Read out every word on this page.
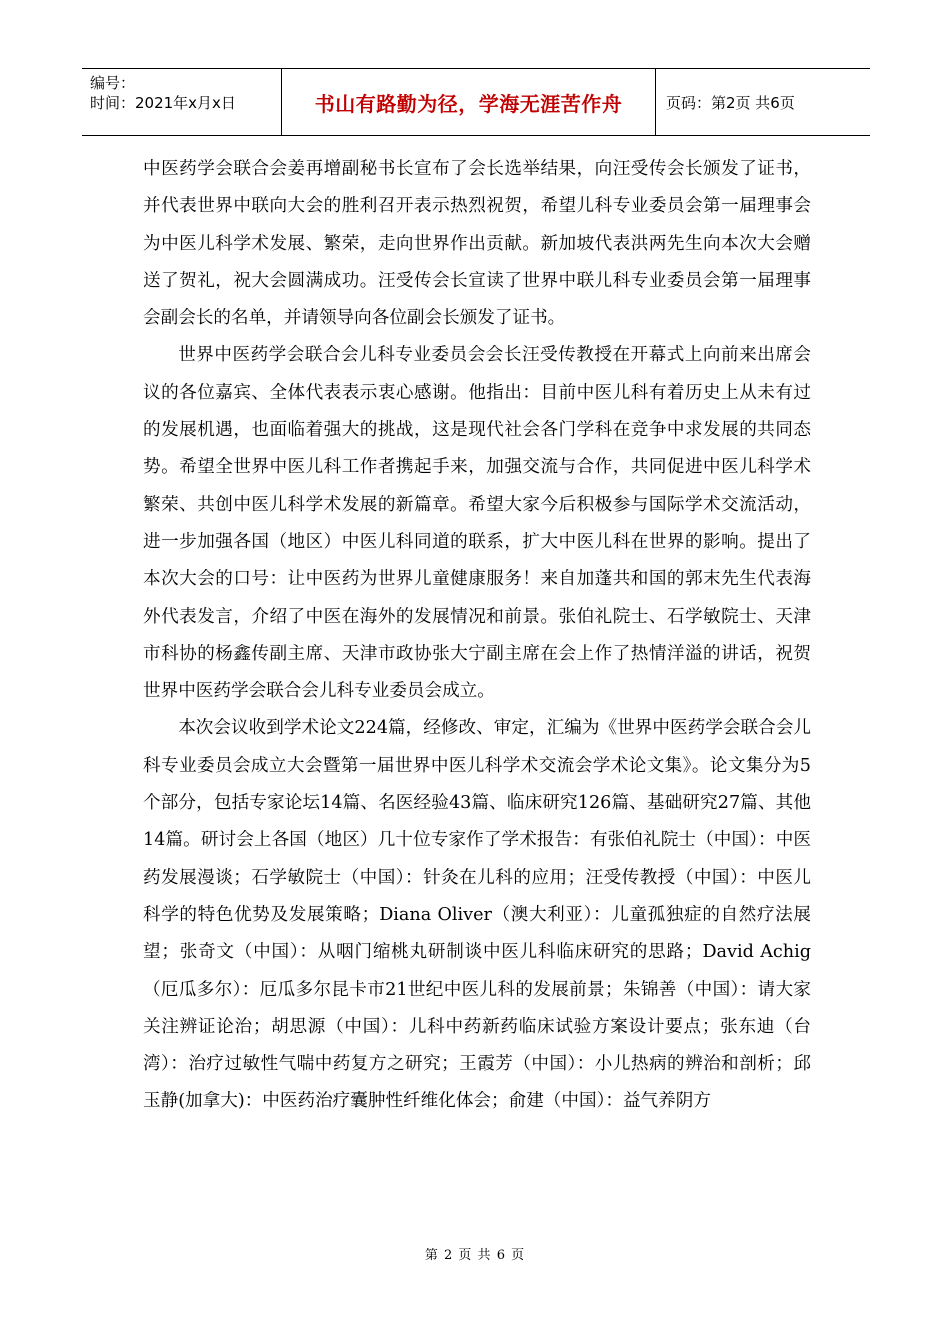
编号：
时间：2021年x月x日	书山有路勤为径，学海无涯苦作舟	页码：第2页 共6页

中医药学会联合会姜再增副秘书长宣布了会长选举结果，向汪受传会长颁发了证书，并代表世界中联向大会的胜利召开表示热烈祝贺，希望儿科专业委员会第一届理事会为中医儿科学术发展、繁荣，走向世界作出贡献。新加坡代表洪两先生向本次大会赠送了贺礼，祝大会圆满成功。汪受传会长宣读了世界中联儿科专业委员会第一届理事会副会长的名单，并请领导向各位副会长颁发了证书。

世界中医药学会联合会儿科专业委员会会长汪受传教授在开幕式上向前来出席会议的各位嘉宾、全体代表表示衷心感谢。他指出：目前中医儿科有着历史上从未有过的发展机遇，也面临着强大的挑战，这是现代社会各门学科在竞争中求发展的共同态势。希望全世界中医儿科工作者携起手来，加强交流与合作，共同促进中医儿科学术繁荣、共创中医儿科学术发展的新篇章。希望大家今后积极参与国际学术交流活动，进一步加强各国（地区）中医儿科同道的联系，扩大中医儿科在世界的影响。提出了本次大会的口号：让中医药为世界儿童健康服务！来自加蓬共和国的郭末先生代表海外代表发言，介绍了中医在海外的发展情况和前景。张伯礼院士、石学敏院士、天津市科协的杨鑫传副主席、天津市政协张大宁副主席在会上作了热情洋溢的讲话，祝贺世界中医药学会联合会儿科专业委员会成立。

本次会议收到学术论文224篇，经修改、审定，汇编为《世界中医药学会联合会儿科专业委员会成立大会暨第一届世界中医儿科学术交流会学术论文集》。论文集分为5个部分，包括专家论坛14篇、名医经验43篇、临床研究126篇、基础研究27篇、其他14篇。研讨会上各国（地区）几十位专家作了学术报告：有张伯礼院士（中国）：中医药发展漫谈；石学敏院士（中国）：针灸在儿科的应用；汪受传教授（中国）：中医儿科学的特色优势及发展策略；Diana Oliver（澳大利亚）：儿童孤独症的自然疗法展望；张奇文（中国）：从咽门缩桃丸研制谈中医儿科临床研究的思路；David Achig（厄瓜多尔）：厄瓜多尔昆卡市21世纪中医儿科的发展前景；朱锦善（中国）：请大家关注辨证论治；胡思源（中国）：儿科中药新药临床试验方案设计要点；张东迪（台湾）：治疗过敏性气喘中药复方之研究；王霞芳（中国）：小儿热病的辨治和剖析；邱玉静(加拿大)：中医药治疗囊肿性纤维化体会；俞建（中国）：益气养阴方

第 2 页 共 6 页
